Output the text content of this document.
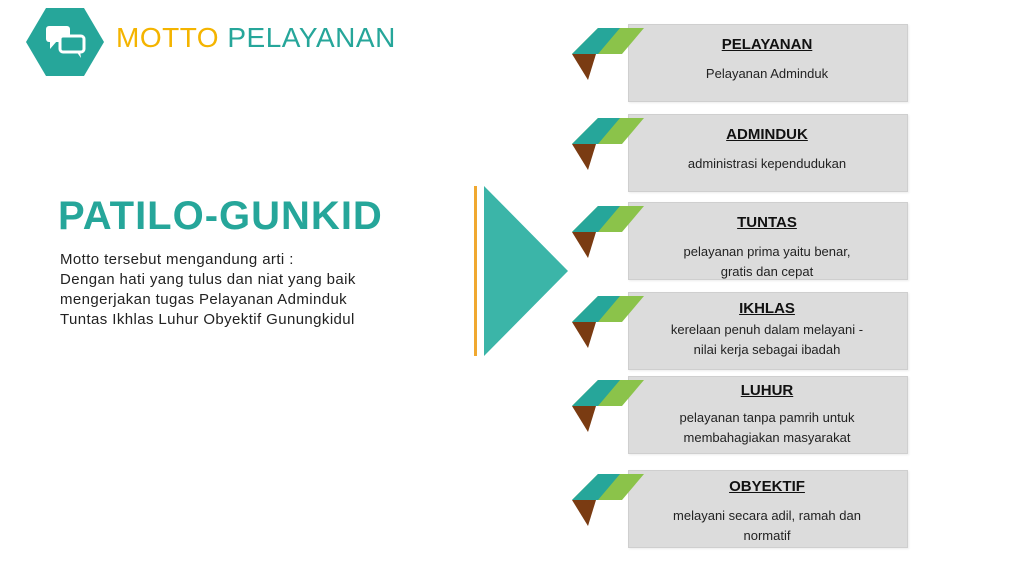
MOTTO PELAYANAN
PATILO-GUNKID
Motto tersebut mengandung arti :
Dengan hati yang tulus dan niat yang baik
mengerjakan tugas Pelayanan Adminduk
Tuntas Ikhlas Luhur Obyektif Gunungkidul
PELAYANAN
Pelayanan Adminduk
ADMINDUK
administrasi kependudukan
TUNTAS
pelayanan prima yaitu benar,
gratis dan cepat
IKHLAS
kerelaan penuh dalam melayani -
nilai kerja sebagai ibadah
LUHUR
pelayanan tanpa pamrih untuk
membahagiakan masyarakat
OBYEKTIF
melayani secara adil, ramah dan
normatif
